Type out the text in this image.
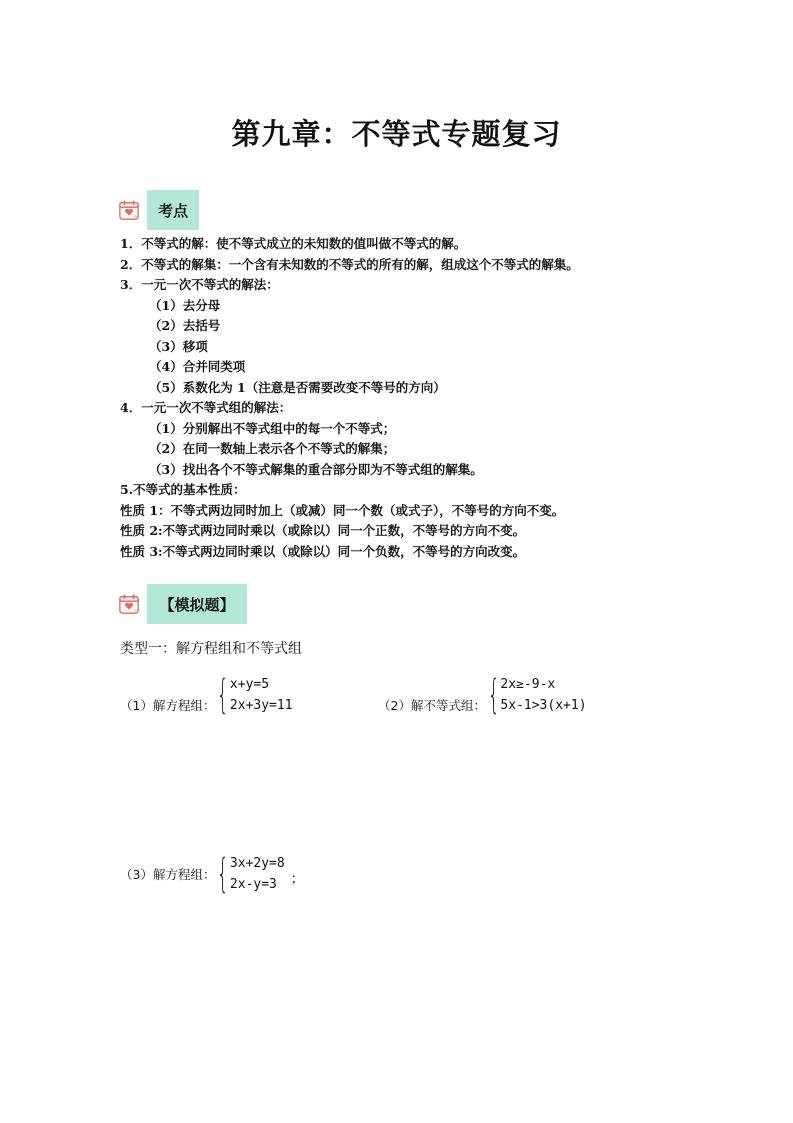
第九章：不等式专题复习
考点
1．不等式的解：使不等式成立的未知数的值叫做不等式的解。
2．不等式的解集：一个含有未知数的不等式的所有的解，组成这个不等式的解集。
3．一元一次不等式的解法：
（1）去分母
（2）去括号
（3）移项
（4）合并同类项
（5）系数化为 1（注意是否需要改变不等号的方向）
4．一元一次不等式组的解法：
（1）分别解出不等式组中的每一个不等式；
（2）在同一数轴上表示各个不等式的解集；
（3）找出各个不等式解集的重合部分即为不等式组的解集。
5.不等式的基本性质：
性质 1：不等式两边同时加上（或减）同一个数（或式子），不等号的方向不变。
性质 2:不等式两边同时乘以（或除以）同一个正数，不等号的方向不变。
性质 3:不等式两边同时乘以（或除以）同一个负数，不等号的方向改变。
【模拟题】
类型一：解方程组和不等式组
（1）解方程组： { x+y=5
2x+3y=11	（2）解不等式组： { 2x≥-9-x
5x-1>3(x+1)
（3）解方程组： { 3x+2y=8
2x-y=3	；
